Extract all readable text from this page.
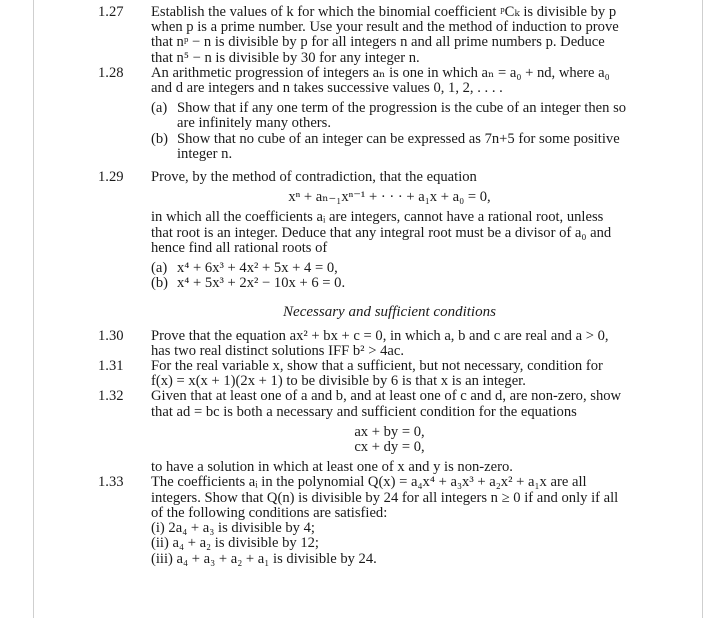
1.27 Establish the values of k for which the binomial coefficient ᵖCₖ is divisible by p when p is a prime number. Use your result and the method of induction to prove that nᵖ − n is divisible by p for all integers n and all prime numbers p. Deduce that n⁵ − n is divisible by 30 for any integer n.
1.28 An arithmetic progression of integers aₙ is one in which aₙ = a₀ + nd, where a₀ and d are integers and n takes successive values 0, 1, 2, . . . .
(a) Show that if any one term of the progression is the cube of an integer then so are infinitely many others.
(b) Show that no cube of an integer can be expressed as 7n+5 for some positive integer n.
1.29 Prove, by the method of contradiction, that the equation
xⁿ + aₙ₋₁xⁿ⁻¹ + · · · + a₁x + a₀ = 0,
in which all the coefficients aᵢ are integers, cannot have a rational root, unless that root is an integer. Deduce that any integral root must be a divisor of a₀ and hence find all rational roots of
(a) x⁴ + 6x³ + 4x² + 5x + 4 = 0,
(b) x⁴ + 5x³ + 2x² − 10x + 6 = 0.
Necessary and sufficient conditions
1.30 Prove that the equation ax² + bx + c = 0, in which a, b and c are real and a > 0, has two real distinct solutions IFF b² > 4ac.
1.31 For the real variable x, show that a sufficient, but not necessary, condition for f(x) = x(x + 1)(2x + 1) to be divisible by 6 is that x is an integer.
1.32 Given that at least one of a and b, and at least one of c and d, are non-zero, show that ad = bc is both a necessary and sufficient condition for the equations
ax + by = 0,
cx + dy = 0,
to have a solution in which at least one of x and y is non-zero.
1.33 The coefficients aᵢ in the polynomial Q(x) = a₄x⁴ + a₃x³ + a₂x² + a₁x are all integers. Show that Q(n) is divisible by 24 for all integers n ≥ 0 if and only if all of the following conditions are satisfied:
(i) 2a₄ + a₃ is divisible by 4;
(ii) a₄ + a₂ is divisible by 12;
(iii) a₄ + a₃ + a₂ + a₁ is divisible by 24.
